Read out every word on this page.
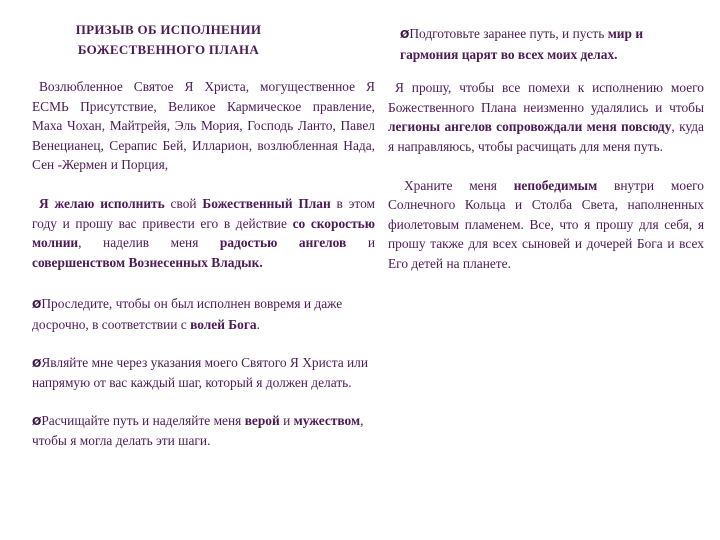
ПРИЗЫВ ОБ ИСПОЛНЕНИИ
БОЖЕСТВЕННОГО ПЛАНА

Возлюбленное Святое Я Христа, могущественное Я ЕСМЬ Присутствие, Великое Кармическое правление, Маха Чохан, Майтрейя, Эль Мория, Господь Ланто, Павел Венецианец, Серапис Бей, Илларион, возлюбленная Нада, Сен -Жермен и Порция,

Я желаю исполнить свой Божественный План в этом году и прошу вас привести его в действие со скоростью молнии, наделив меня радостью ангелов и совершенством Вознесенных Владык.

ØПроследите, чтобы он был исполнен вовремя и даже досрочно, в соответствии с волей Бога.

ØЯвляйте мне через указания моего Святого Я Христа или напрямую от вас каждый шаг, который я должен делать.

ØРасчищайте путь и наделяйте меня верой и мужеством, чтобы я могла делать эти шаги.

ØПодготовьте заранее путь, и пусть мир и гармония царят во всех моих делах.

Я прошу, чтобы все помехи к исполнению моего Божественного Плана неизменно удалялись и чтобы легионы ангелов сопровождали меня повсюду, куда я направляюсь, чтобы расчищать для меня путь.

Храните меня непобедимым внутри моего Солнечного Кольца и Столба Света, наполненных фиолетовым пламенем. Все, что я прошу для себя, я прошу также для всех сыновей и дочерей Бога и всех Его детей на планете.
